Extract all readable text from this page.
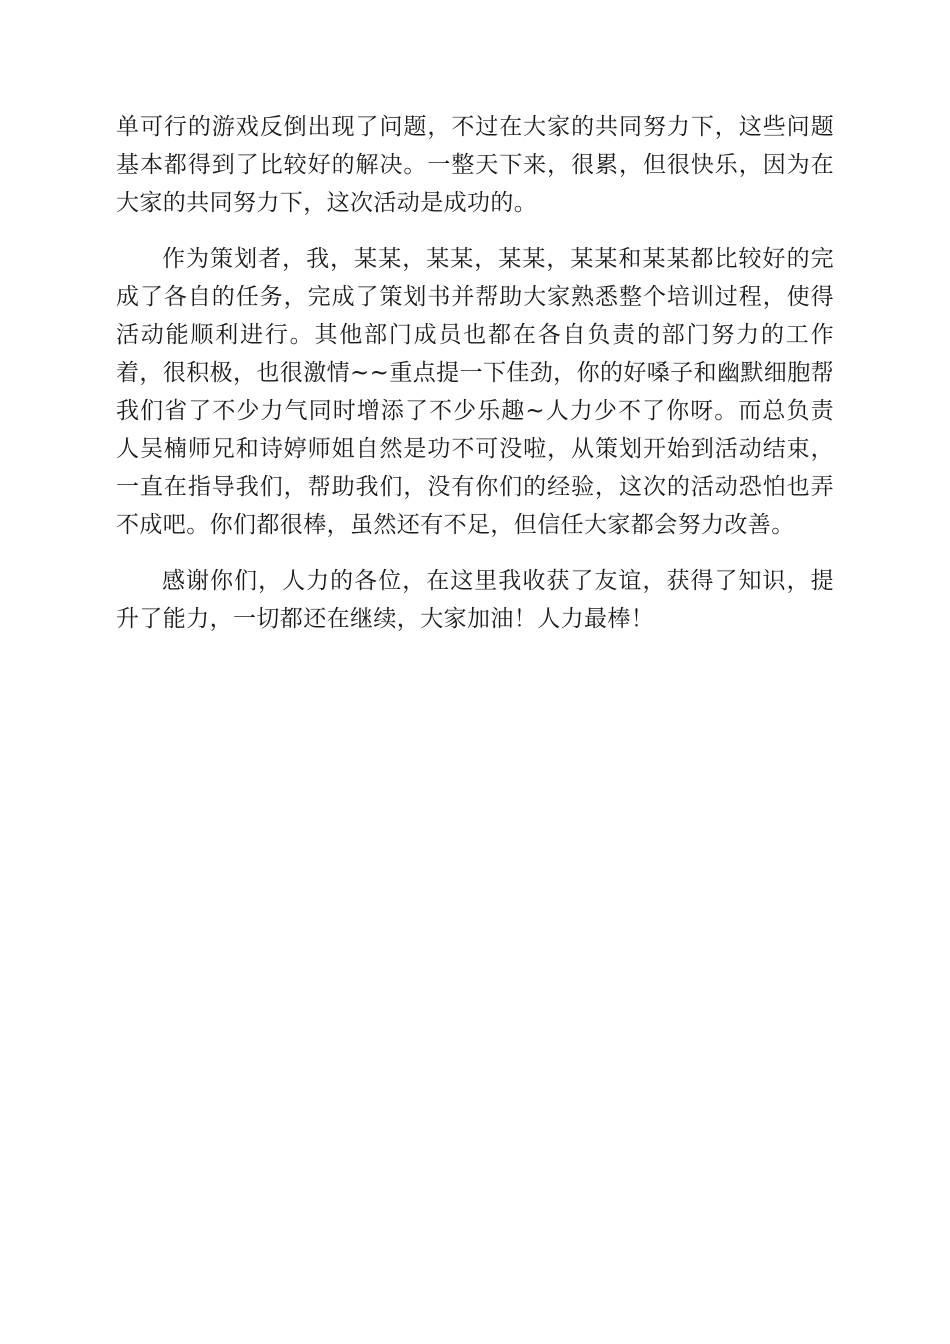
单可行的游戏反倒出现了问题，不过在大家的共同努力下，这些问题基本都得到了比较好的解决。一整天下来，很累，但很快乐，因为在大家的共同努力下，这次活动是成功的。

作为策划者，我，某某，某某，某某，某某和某某都比较好的完成了各自的任务，完成了策划书并帮助大家熟悉整个培训过程，使得活动能顺利进行。其他部门成员也都在各自负责的部门努力的工作着，很积极，也很激情~~重点提一下佳劲，你的好嗓子和幽默细胞帮我们省了不少力气同时增添了不少乐趣~人力少不了你呀。而总负责人吴楠师兄和诗婷师姐自然是功不可没啦，从策划开始到活动结束，一直在指导我们，帮助我们，没有你们的经验，这次的活动恐怕也弄不成吧。你们都很棒，虽然还有不足，但信任大家都会努力改善。

感谢你们，人力的各位，在这里我收获了友谊，获得了知识，提升了能力，一切都还在继续，大家加油！人力最棒！
